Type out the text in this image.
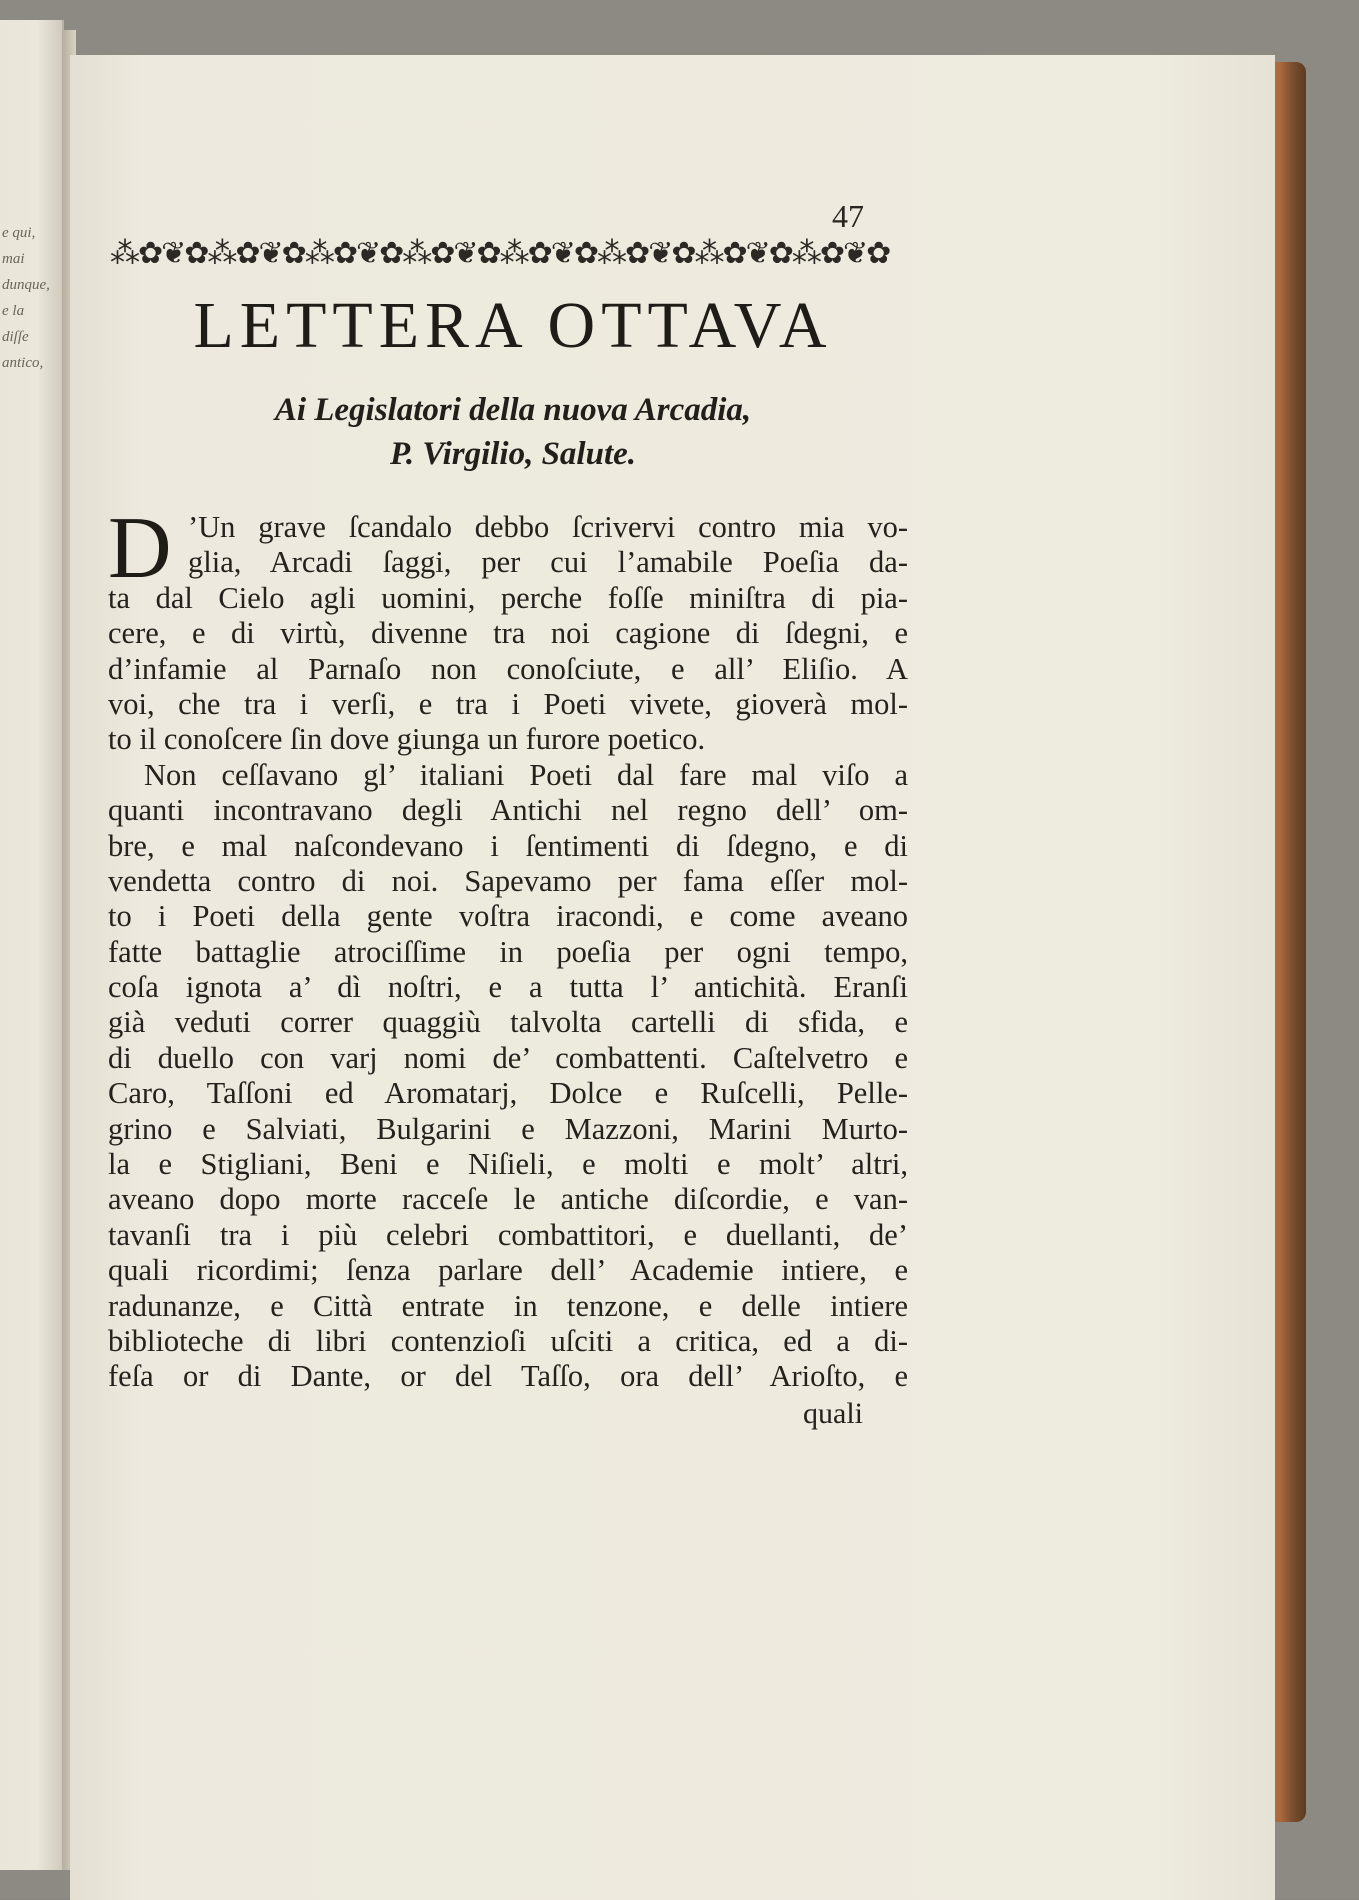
e qui,
mai
dunque,
e la
diſſe
antico,
47
⁂✿❦✿⁂✿❦✿⁂✿❦✿⁂✿❦✿⁂✿❦✿⁂✿❦✿⁂✿❦✿⁂✿❦✿
LETTERA OTTAVA
Ai Legislatori della nuova Arcadia,
P. Virgilio, Salute.
D ’Un grave ſcandalo debbo ſcrivervi contro mia vo-
glia, Arcadi ſaggi, per cui l’amabile Poeſia da-
ta dal Cielo agli uomini, perche foſſe miniſtra di pia-
cere, e di virtù, divenne tra noi cagione di ſdegni, e
d’infamie al Parnaſo non conoſciute, e all’ Eliſio. A
voi, che tra i verſi, e tra i Poeti vivete, gioverà mol-
to il conoſcere ſin dove giunga un furore poetico.
Non ceſſavano gl’ italiani Poeti dal fare mal viſo a
quanti incontravano degli Antichi nel regno dell’ om-
bre, e mal naſcondevano i ſentimenti di ſdegno, e di
vendetta contro di noi. Sapevamo per fama eſſer mol-
to i Poeti della gente voſtra iracondi, e come aveano
fatte battaglie atrociſſime in poeſia per ogni tempo,
coſa ignota a’ dì noſtri, e a tutta l’ antichità. Eranſi
già veduti correr quaggiù talvolta cartelli di sfida, e
di duello con varj nomi de’ combattenti. Caſtelvetro e
Caro, Taſſoni ed Aromatarj, Dolce e Ruſcelli, Pelle-
grino e Salviati, Bulgarini e Mazzoni, Marini Murto-
la e Stigliani, Beni e Niſieli, e molti e molt’ altri,
aveano dopo morte racceſe le antiche diſcordie, e van-
tavanſi tra i più celebri combattitori, e duellanti, de’
quali ricordimi; ſenza parlare dell’ Academie intiere, e
radunanze, e Città entrate in tenzone, e delle intiere
biblioteche di libri contenzioſi uſciti a critica, ed a di-
feſa or di Dante, or del Taſſo, ora dell’ Arioſto, e
quali
